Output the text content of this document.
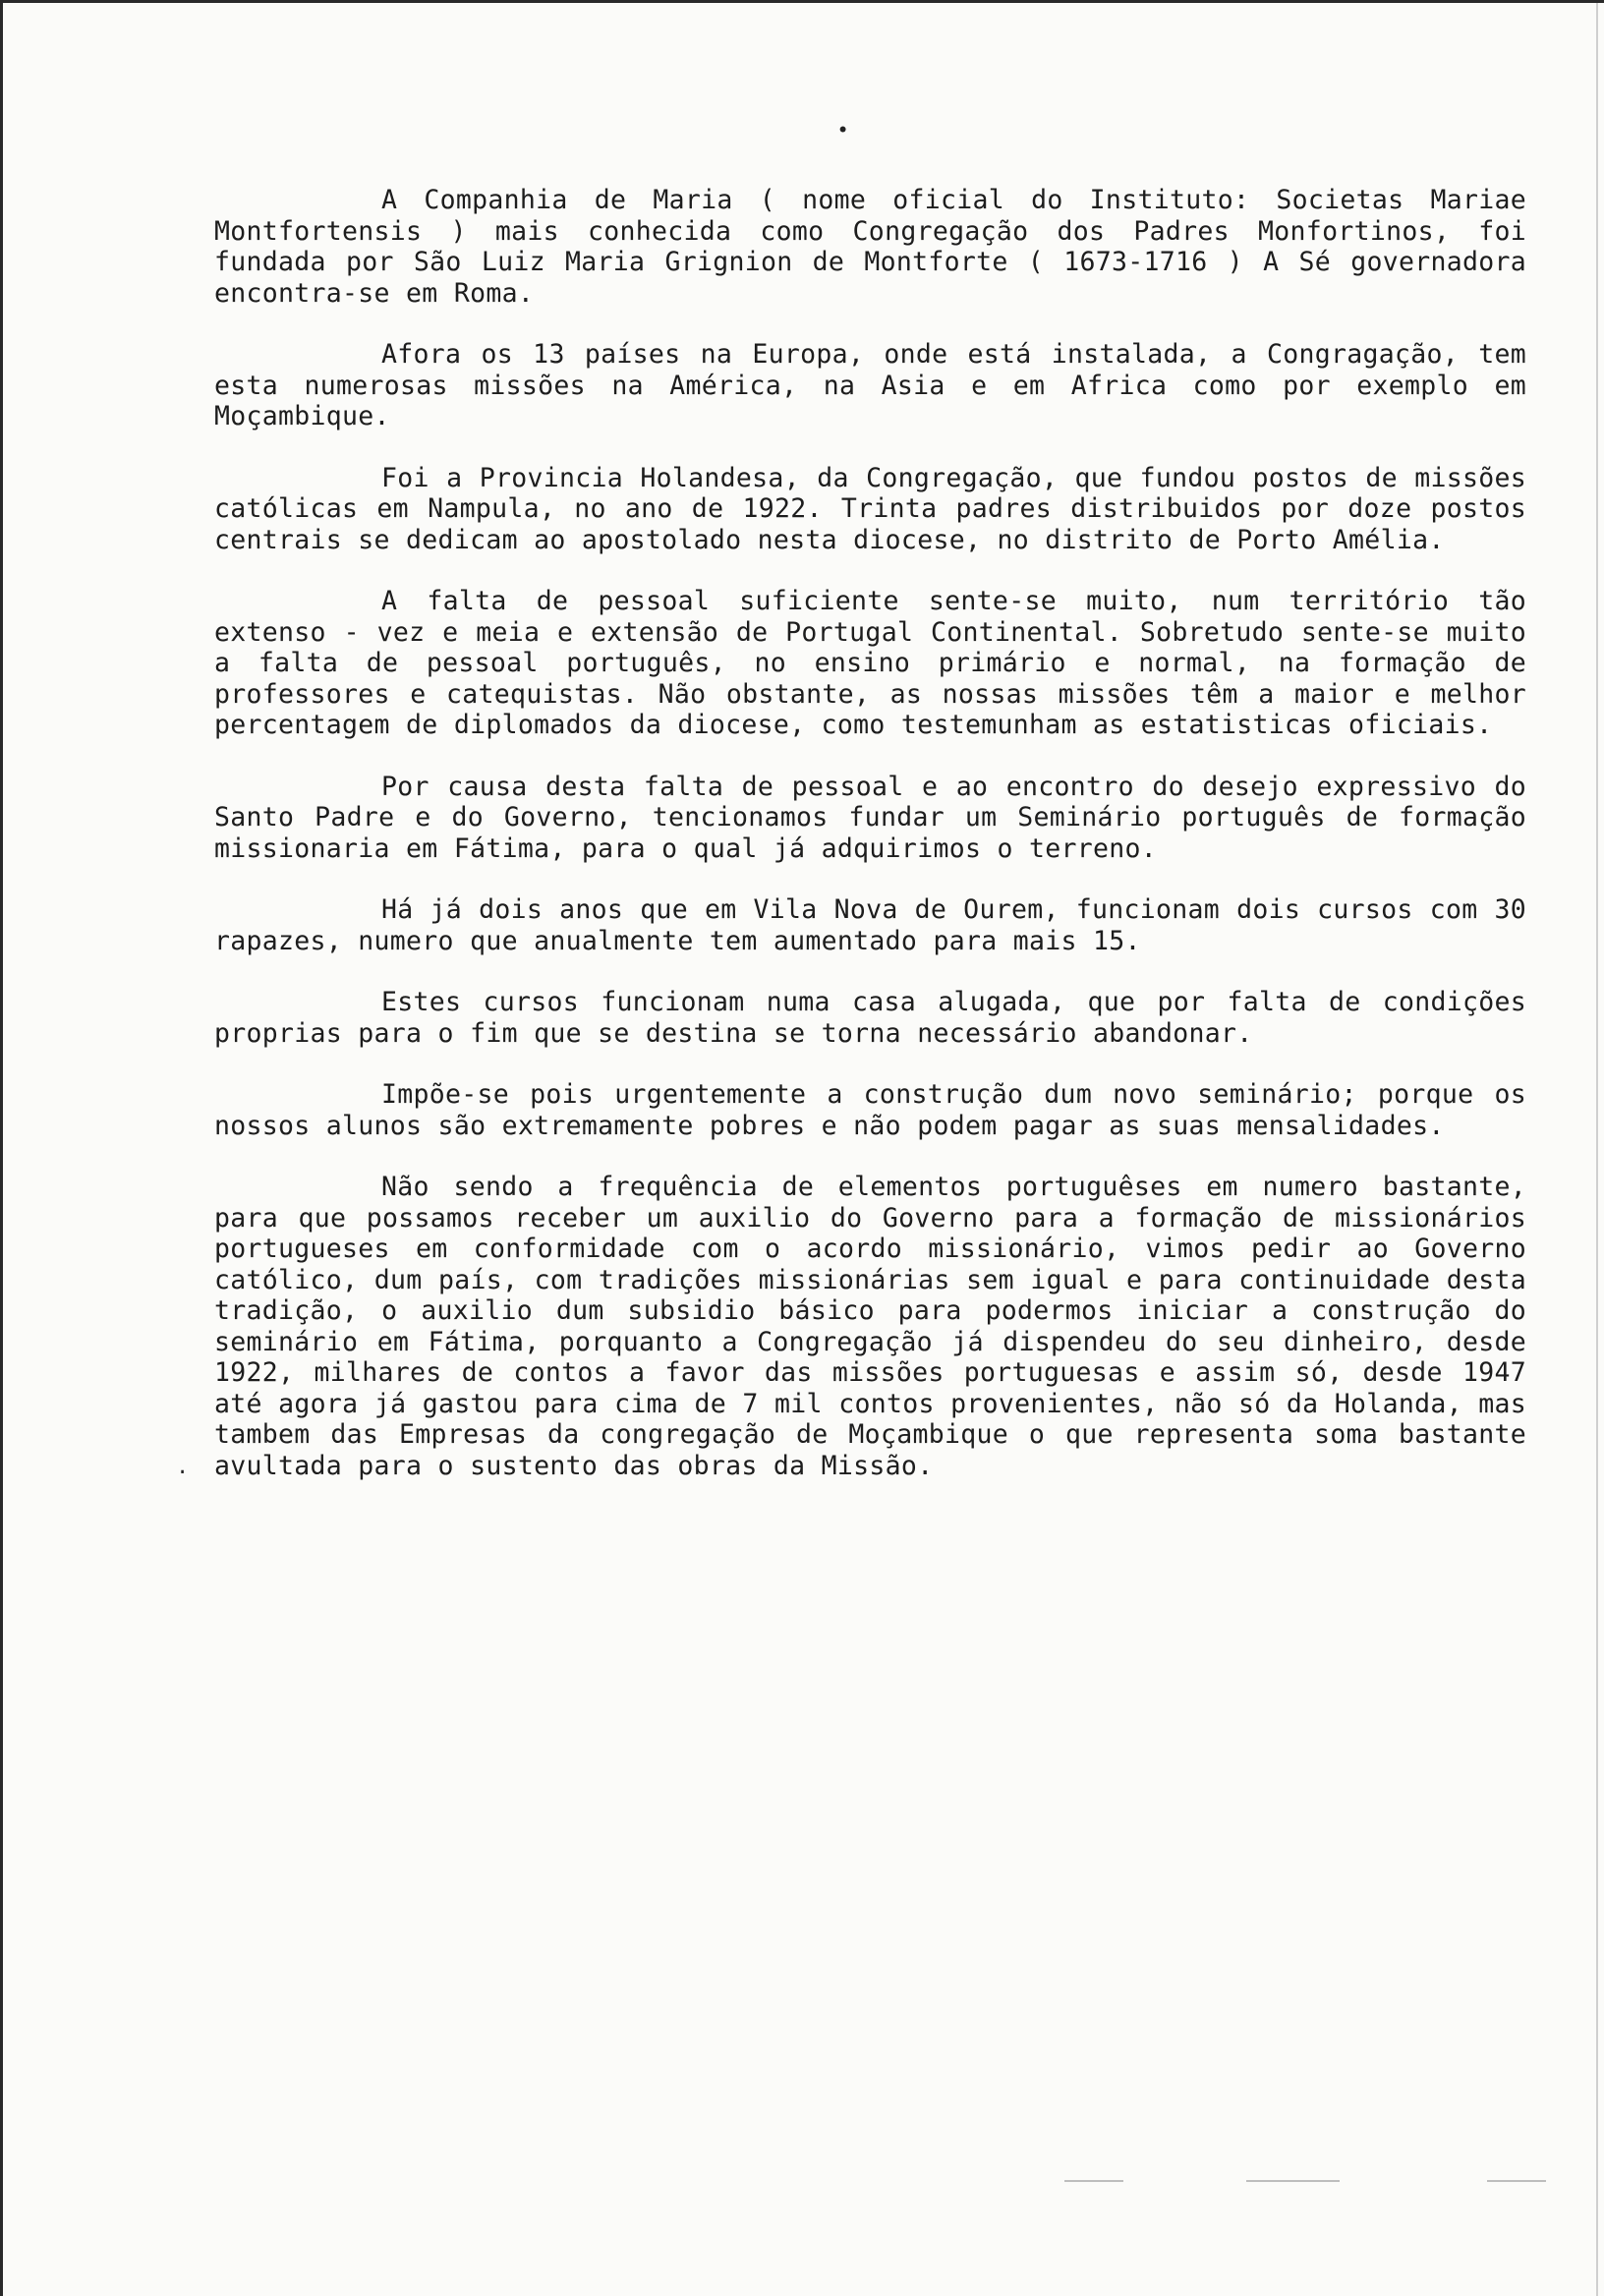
•
.

A Companhia de Maria ( nome oficial do Instituto: Societas Mariae Montfortensis ) mais conhecida como Congregação dos Padres Monfortinos, foi fundada por São Luiz Maria Grignion de Montforte ( 1673-1716 ) A Sé governadora encontra-se em Roma.

Afora os 13 países na Europa, onde está instalada, a Congragação, tem esta numerosas missões na América, na Asia e em Africa como por exemplo em Moçambique.

Foi a Provincia Holandesa, da Congregação, que fundou postos de missões católicas em Nampula, no ano de 1922. Trinta padres distribuidos por doze postos centrais se dedicam ao apostolado nesta diocese, no distrito de Porto Amélia.

A falta de pessoal suficiente sente-se muito, num território tão extenso - vez e meia e extensão de Portugal Continental. Sobretudo sente-se muito a falta de pessoal português, no ensino primário e normal, na formação de professores e catequistas. Não obstante, as nossas missões têm a maior e melhor percentagem de diplomados da diocese, como testemunham as estatisticas oficiais.

Por causa desta falta de pessoal e ao encontro do desejo expressivo do Santo Padre e do Governo, tencionamos fundar um Seminário português de formação missionaria em Fátima, para o qual já adquirimos o terreno.

Há já dois anos que em Vila Nova de Ourem, funcionam dois cursos com 30 rapazes, numero que anualmente tem aumentado para mais 15.

Estes cursos funcionam numa casa alugada, que por falta de condições proprias para o fim que se destina se torna necessário abandonar.

Impõe-se pois urgentemente a construção dum novo seminário; porque os nossos alunos são extremamente pobres e não podem pagar as suas mensalidades.

Não sendo a frequência de elementos portuguêses em numero bastante, para que possamos receber um auxilio do Governo para a formação de missionários portugueses em conformidade com o acordo missionário, vimos pedir ao Governo católico, dum país, com tradições missionárias sem igual e para continuidade desta tradição, o auxilio dum subsidio básico para podermos iniciar a construção do seminário em Fátima, porquanto a Congregação já dispendeu do seu dinheiro, desde 1922, milhares de contos a favor das missões portuguesas e assim só, desde 1947 até agora já gastou para cima de 7 mil contos provenientes, não só da Holanda, mas tambem das Empresas da congregação de Moçambique o que representa soma bastante avultada para o sustento das obras da Missão.
